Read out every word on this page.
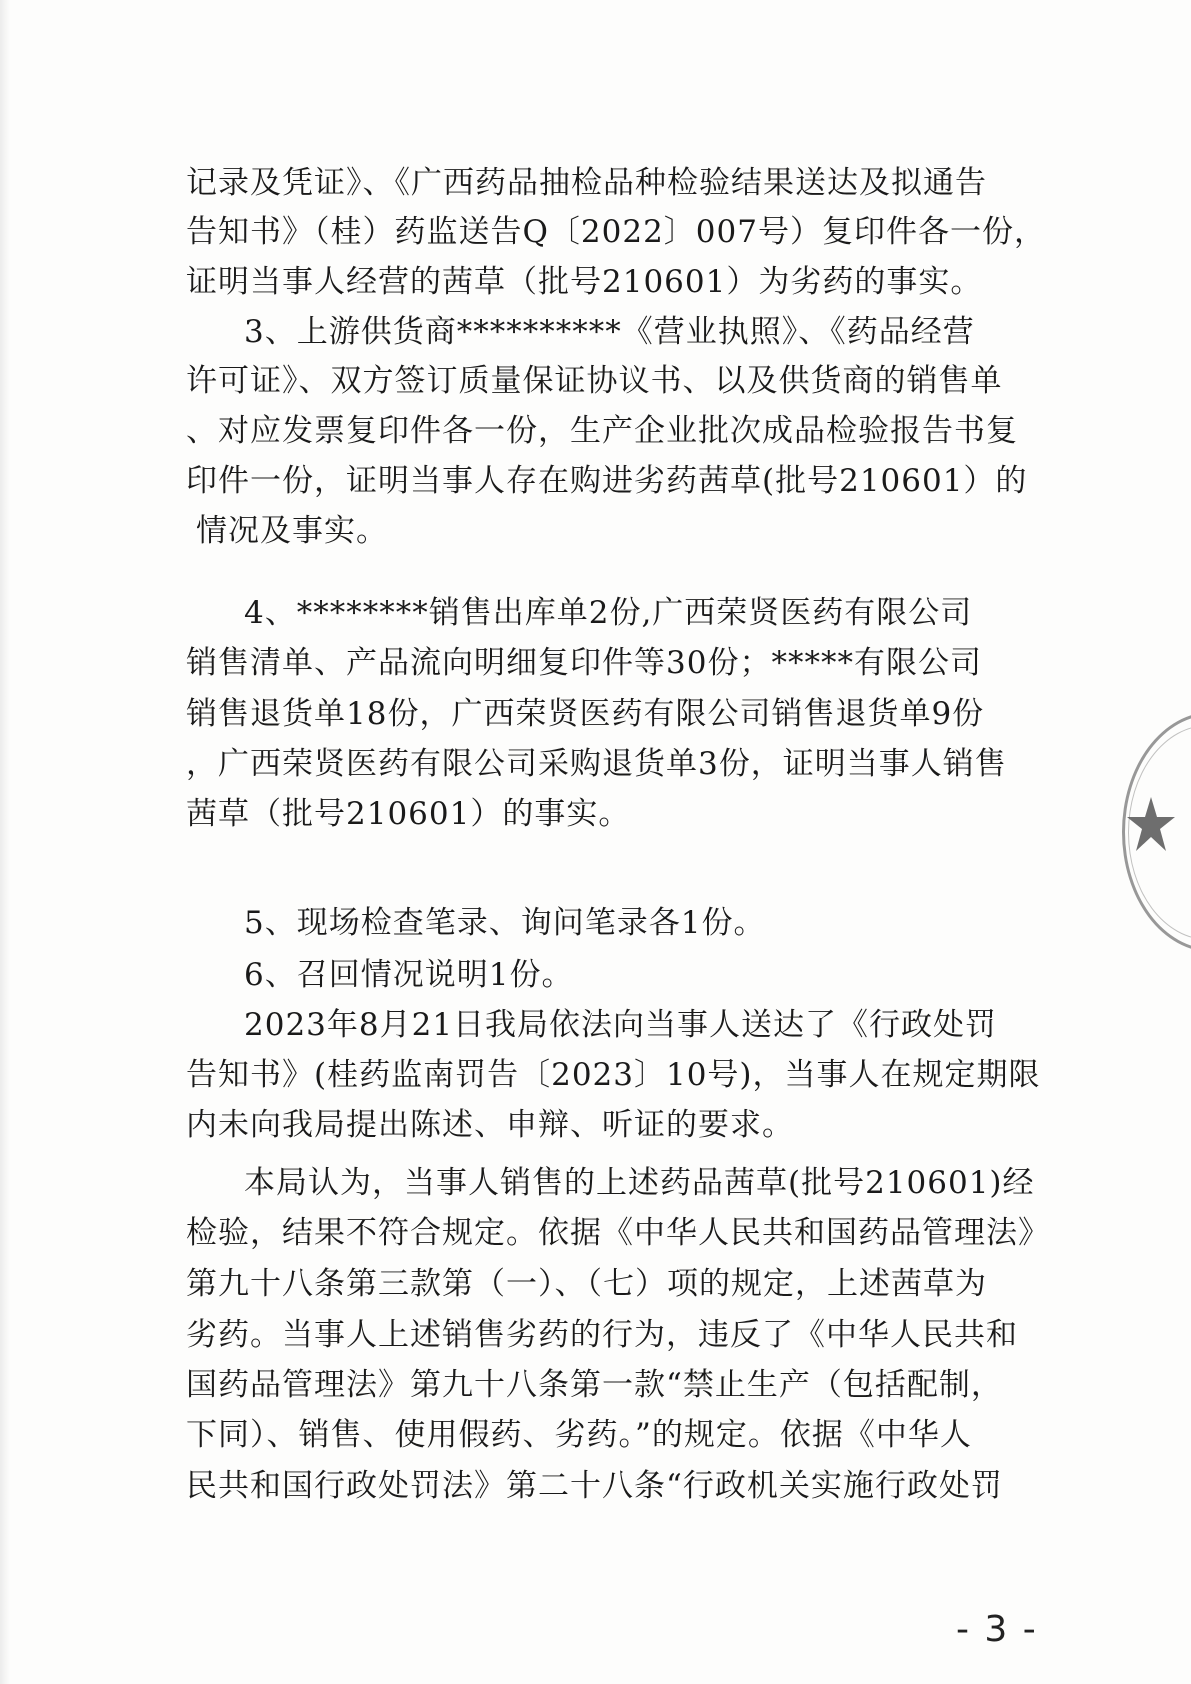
记录及凭证》、《广西药品抽检品种检验结果送达及拟通告
告知书》（桂）药监送告Q〔2022〕007号）复印件各一份，
证明当事人经营的茜草（批号210601）为劣药的事实。
3、上游供货商**********《营业执照》、《药品经营
许可证》、双方签订质量保证协议书、以及供货商的销售单
、对应发票复印件各一份，生产企业批次成品检验报告书复
印件一份，证明当事人存在购进劣药茜草(批号210601）的
情况及事实。
4、********销售出库单2份,广西荣贤医药有限公司
销售清单、产品流向明细复印件等30份；*****有限公司
销售退货单18份，广西荣贤医药有限公司销售退货单9份
，广西荣贤医药有限公司采购退货单3份，证明当事人销售
茜草（批号210601）的事实。
5、现场检查笔录、询问笔录各1份。
6、召回情况说明1份。
2023年8月21日我局依法向当事人送达了《行政处罚
告知书》(桂药监南罚告〔2023〕10号)，当事人在规定期限
内未向我局提出陈述、申辩、听证的要求。
本局认为，当事人销售的上述药品茜草(批号210601)经
检验，结果不符合规定。依据《中华人民共和国药品管理法》
第九十八条第三款第（一）、（七）项的规定，上述茜草为
劣药。当事人上述销售劣药的行为，违反了《中华人民共和
国药品管理法》第九十八条第一款“禁止生产（包括配制，
下同）、销售、使用假药、劣药。”的规定。依据《中华人
民共和国行政处罚法》第二十八条“行政机关实施行政处罚
- 3 -
